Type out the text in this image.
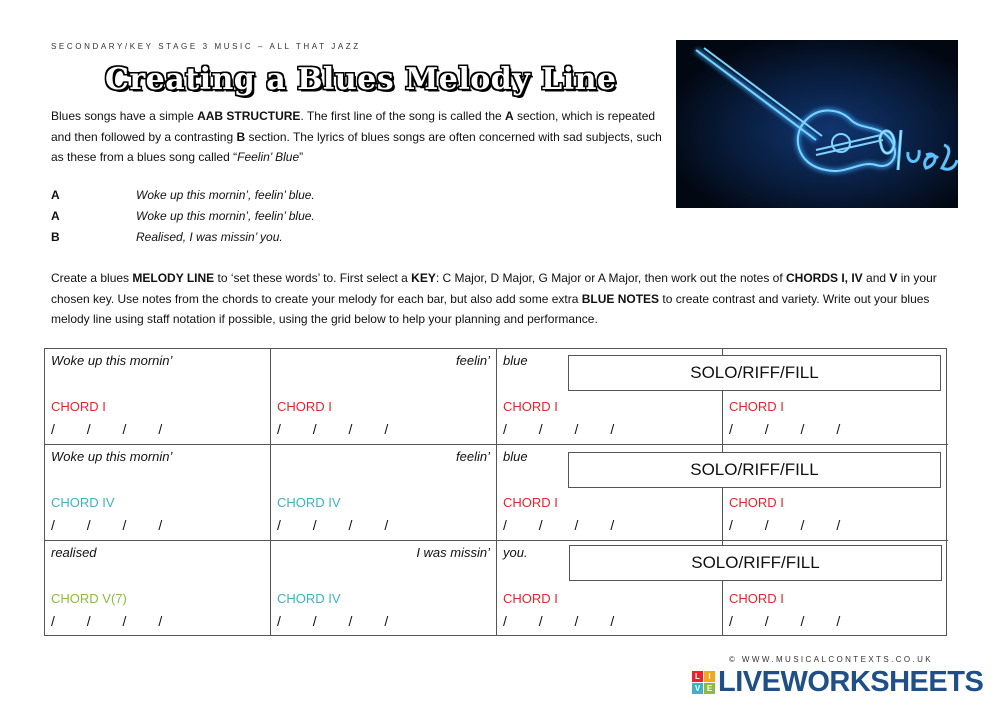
SECONDARY/KEY STAGE 3 MUSIC – ALL THAT JAZZ
Creating a Blues Melody Line
Blues songs have a simple AAB STRUCTURE. The first line of the song is called the A section, which is repeated and then followed by a contrasting B section. The lyrics of blues songs are often concerned with sad subjects, such as these from a blues song called “Feelin’ Blue”
A	Woke up this mornin’, feelin’ blue.
A	Woke up this mornin’, feelin’ blue.
B	Realised, I was missin’ you.
Create a blues MELODY LINE to ‘set these words’ to. First select a KEY: C Major, D Major, G Major or A Major, then work out the notes of CHORDS I, IV and V in your chosen key. Use notes from the chords to create your melody for each bar, but also add some extra BLUE NOTES to create contrast and variety. Write out your blues melody line using staff notation if possible, using the grid below to help your planning and performance.
Woke up this mornin’
CHORD I
/ / / /
feelin’
CHORD I
/ / / /
blue
CHORD I
/ / / /
CHORD I
/ / / /
SOLO/RIFF/FILL
Woke up this mornin’
CHORD IV
/ / / /
feelin’
CHORD IV
/ / / /
blue
CHORD I
/ / / /
CHORD I
/ / / /
SOLO/RIFF/FILL
realised
CHORD V(7)
/ / / /
I was missin’
CHORD IV
/ / / /
you.
CHORD I
/ / / /
CHORD I
/ / / /
SOLO/RIFF/FILL
© WWW.MUSICALCONTEXTS.CO.UK
L	I
V E LIVEWORKSHEETS
